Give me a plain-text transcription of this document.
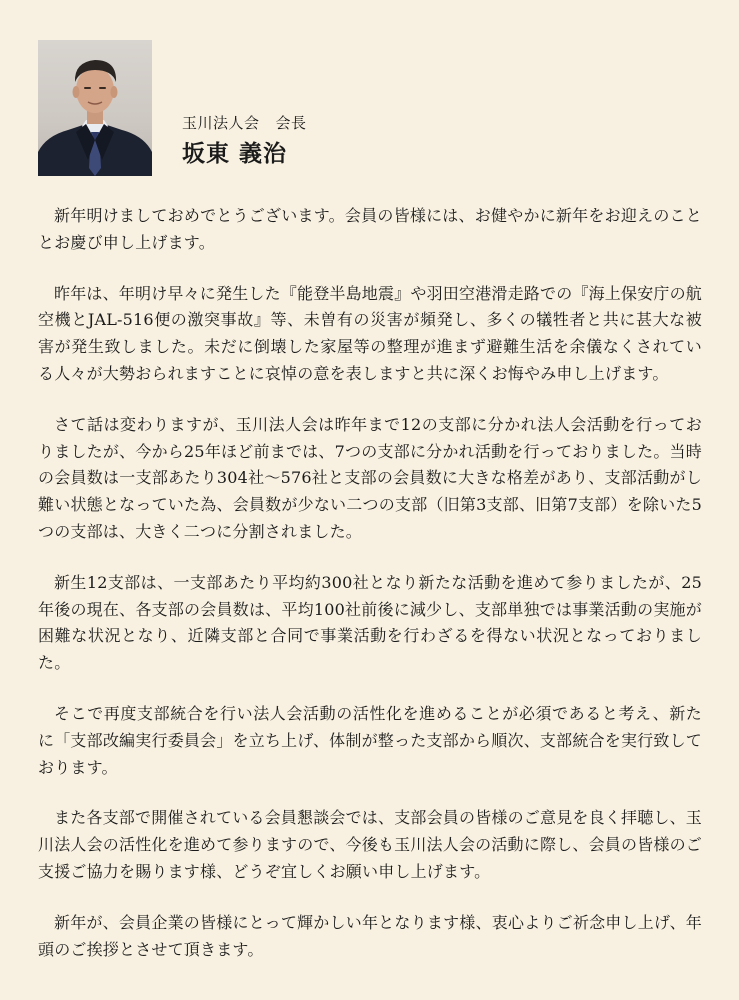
玉川法人会 会長
坂東 義治

新年明けましておめでとうございます。会員の皆様には、お健やかに新年をお迎えのこととお慶び申し上げます。

昨年は、年明け早々に発生した『能登半島地震』や羽田空港滑走路での『海上保安庁の航空機とJAL-516便の激突事故』等、未曽有の災害が頻発し、多くの犠牲者と共に甚大な被害が発生致しました。未だに倒壊した家屋等の整理が進まず避難生活を余儀なくされている人々が大勢おられますことに哀悼の意を表しますと共に深くお悔やみ申し上げます。

さて話は変わりますが、玉川法人会は昨年まで12の支部に分かれ法人会活動を行っておりましたが、今から25年ほど前までは、7つの支部に分かれ活動を行っておりました。当時の会員数は一支部あたり304社〜576社と支部の会員数に大きな格差があり、支部活動がし難い状態となっていた為、会員数が少ない二つの支部（旧第3支部、旧第7支部）を除いた5つの支部は、大きく二つに分割されました。

新生12支部は、一支部あたり平均約300社となり新たな活動を進めて参りましたが、25年後の現在、各支部の会員数は、平均100社前後に減少し、支部単独では事業活動の実施が困難な状況となり、近隣支部と合同で事業活動を行わざるを得ない状況となっておりました。

そこで再度支部統合を行い法人会活動の活性化を進めることが必須であると考え、新たに「支部改編実行委員会」を立ち上げ、体制が整った支部から順次、支部統合を実行致しております。

また各支部で開催されている会員懇談会では、支部会員の皆様のご意見を良く拝聴し、玉川法人会の活性化を進めて参りますので、今後も玉川法人会の活動に際し、会員の皆様のご支援ご協力を賜ります様、どうぞ宜しくお願い申し上げます。

新年が、会員企業の皆様にとって輝かしい年となります様、衷心よりご祈念申し上げ、年頭のご挨拶とさせて頂きます。
